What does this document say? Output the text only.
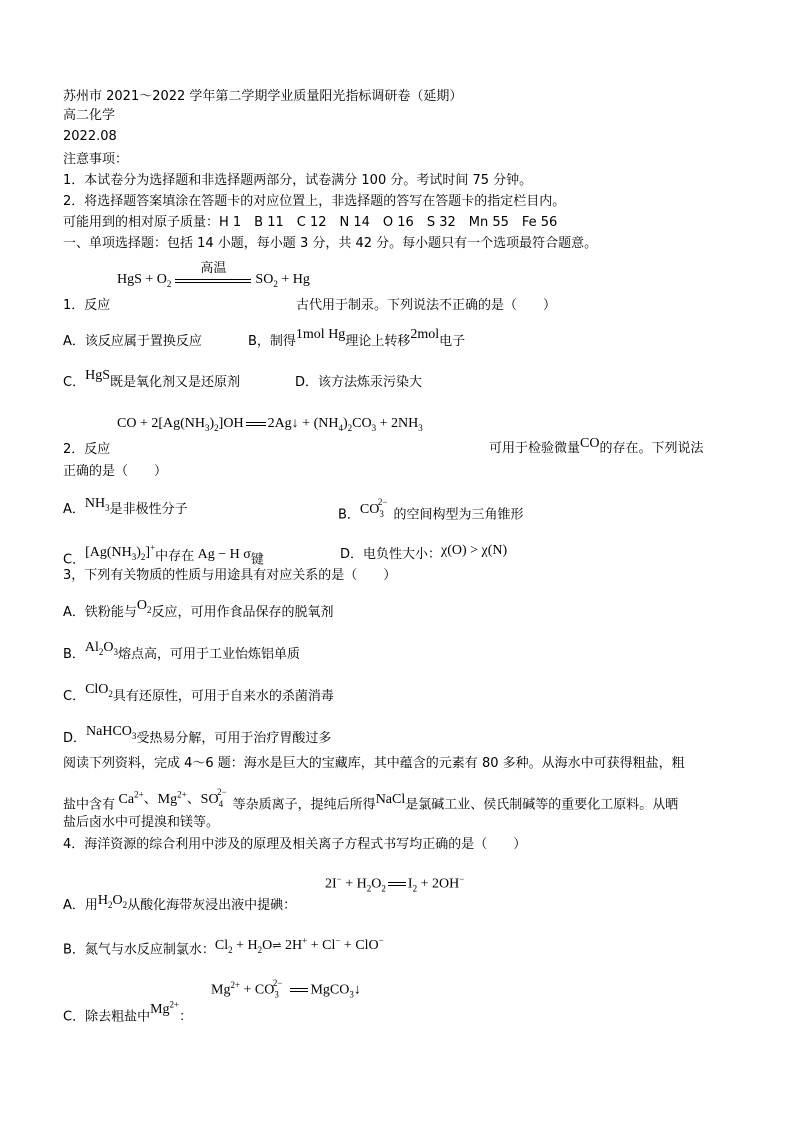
苏州市 2021～2022 学年第二学期学业质量阳光指标调研卷（延期）
高二化学
2022.08
注意事项：
1．本试卷分为选择题和非选择题两部分，试卷满分 100 分。考试时间 75 分钟。
2．将选择题答案填涂在答题卡的对应位置上，非选择题的答写在答题卡的指定栏目内。
可能用到的相对原子质量：H 1　B 11　C 12　N 14　O 16　S 32　Mn 55　Fe 56
一、单项选择题：包括 14 小题，每小题 3 分，共 42 分。每小题只有一个选项最符合题意。
HgS + $O_2$
高温
$SO_2 + Hg$
1．反应	古代用于制汞。下列说法不正确的是（　　）
A．该反应属于置换反应	B，制得1mol Hg理论上转移2mol电子
C．HgS既是氧化剂又是还原剂	D．该方法炼汞污染大
CO + $2[Ag(NH_3)_2]OH$ 2Ag↓ + $(NH_4)_2CO_3 + 2NH_3$
2．反应	可用于检验微量CO的存在。下列说法
正确的是（　　）
A．$NH_3$是非极性分子	B．$CO_3^{2-}$的空间构型为三角锥形
C．$[Ag(NH_3)_2]^+$中存在 Ag − H σ键	D．电负性大小：χ(O) > χ(N)
3，下列有关物质的性质与用途具有对应关系的是（　　）
A．铁粉能与$O_2$反应，可用作食品保存的脱氧剂
B．$Al_2O_3$熔点高，可用于工业怡炼铝单质
C．ClO$_2$具有还原性，可用于自来水的杀菌消毒
D．NaHCO$_3$受热易分解，可用于治疗胃酸过多
阅读下列资料，完成 4～6 题：海水是巨大的宝藏库，其中蕴含的元素有 80 多种。从海水中可获得粗盐，粗
盐中含有 $Ca^{2+}$、$Mg^{2+}$、$SO_4^{2-}$等杂质离子，提纯后所得NaCl是氯碱工业、侯氏制碱等的重要化工原料。从晒
盐后卤水中可提溴和镁等。
4．海洋资源的综合利用中涉及的原理及相关离子方程式书写均正确的是（　　）
$2I^- + H_2O_2$ $I_2 + 2OH^-$
A．用$H_2O_2$从酸化海带灰浸出液中提碘：
B．氮气与水反应制氯水：$Cl_2$ + $H_2O\rightleftharpoons$ 2H+ + Cl− + ClO−
$Mg^{2+} + CO_3^{2-}$ MgCO$_3$↓
C．除去粗盐中$Mg^{2+}$：
